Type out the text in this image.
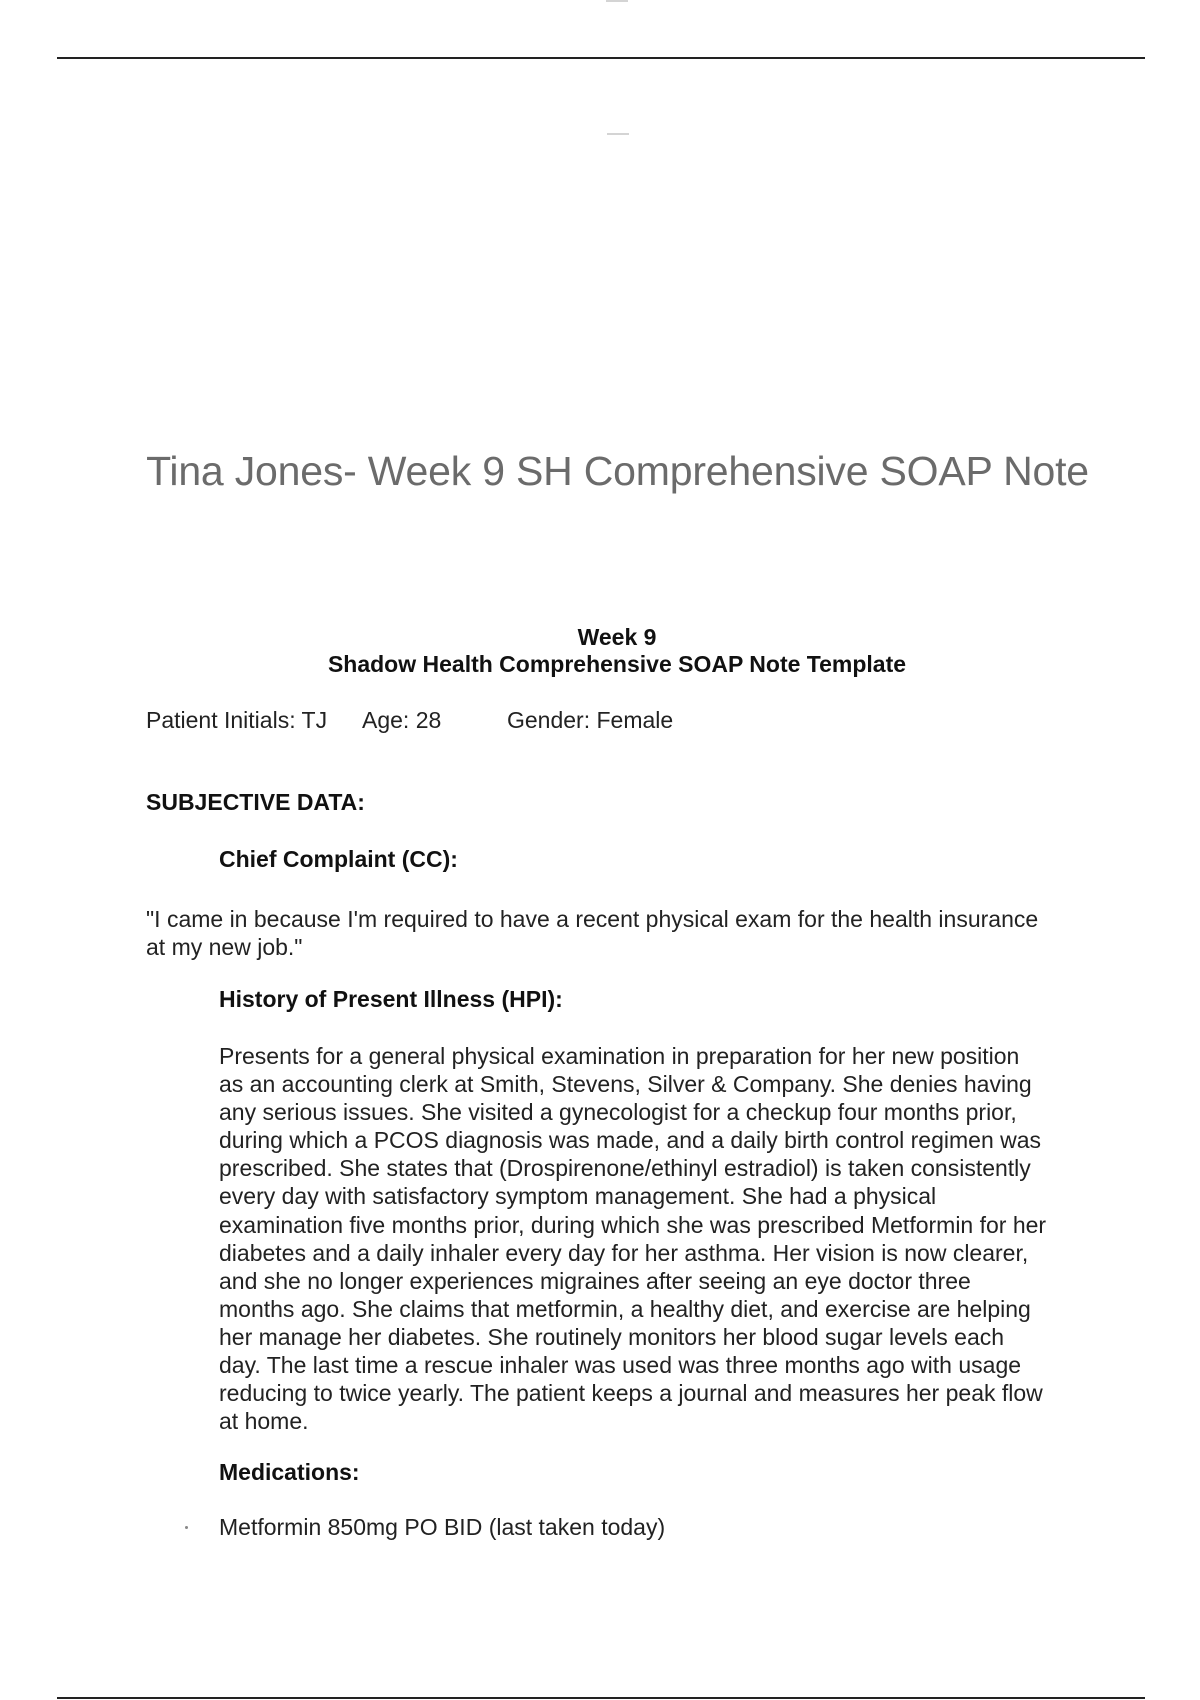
Tina Jones- Week 9 SH Comprehensive SOAP Note
Week 9
Shadow Health Comprehensive SOAP Note Template
Patient Initials: TJ Age: 28	Gender: Female
SUBJECTIVE DATA:
Chief Complaint (CC):
"I came in because I'm required to have a recent physical exam for the health insurance
at my new job."
History of Present Illness (HPI):
Presents for a general physical examination in preparation for her new position
as an accounting clerk at Smith, Stevens, Silver & Company. She denies having
any serious issues. She visited a gynecologist for a checkup four months prior,
during which a PCOS diagnosis was made, and a daily birth control regimen was
prescribed. She states that (Drospirenone/ethinyl estradiol) is taken consistently
every day with satisfactory symptom management. She had a physical
examination five months prior, during which she was prescribed Metformin for her
diabetes and a daily inhaler every day for her asthma. Her vision is now clearer,
and she no longer experiences migraines after seeing an eye doctor three
months ago. She claims that metformin, a healthy diet, and exercise are helping
her manage her diabetes. She routinely monitors her blood sugar levels each
day. The last time a rescue inhaler was used was three months ago with usage
reducing to twice yearly. The patient keeps a journal and measures her peak flow
at home.
Medications:
Metformin 850mg PO BID (last taken today)
